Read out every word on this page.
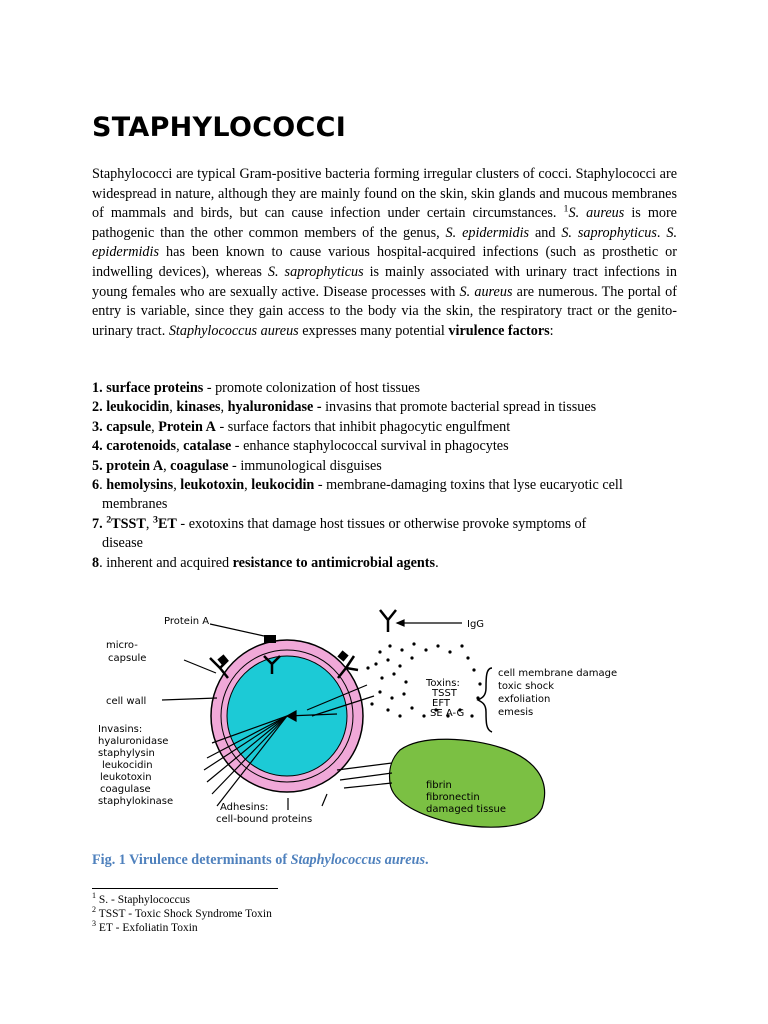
STAPHYLOCOCCI

Staphylococci are typical Gram-positive bacteria forming irregular clusters of cocci. Staphylococci are widespread in nature, although they are mainly found on the skin, skin glands and mucous membranes of mammals and birds, but can cause infection under certain circumstances. $^1$S. aureus is more pathogenic than the other common members of the genus, S. epidermidis and S. saprophyticus. S. epidermidis has been known to cause various hospital-acquired infections (such as prosthetic or indwelling devices), whereas S. saprophyticus is mainly associated with urinary tract infections in young females who are sexually active. Disease processes with S. aureus are numerous. The portal of entry is variable, since they gain access to the body via the skin, the respiratory tract or the genito-urinary tract. Staphylococcus aureus expresses many potential virulence factors:

1. surface proteins - promote colonization of host tissues
2. leukocidin, kinases, hyaluronidase - invasins that promote bacterial spread in tissues
3. capsule, Protein A - surface factors that inhibit phagocytic engulfment
4. carotenoids, catalase - enhance staphylococcal survival in phagocytes
5. protein A, coagulase - immunological disguises
6. hemolysins, leukotoxin, leukocidin - membrane-damaging toxins that lyse eucaryotic cell
membranes
7. $^2$TSST, $^3$ET - exotoxins that damage host tissues or otherwise provoke symptoms of
disease
8. inherent and acquired resistance to antimicrobial agents.
Protein A	IgG
micro-
capsule
cell wall
Invasins:
hyaluronidase
staphylysin
leukocidin
leukotoxin
coagulase
staphylokinase
Adhesins:
cell-bound proteins
Toxins:
TSST
EFT
SE A-G
cell membrane damage
toxic shock
exfoliation
emesis
fibrin
fibronectin
damaged tissue

Fig. 1 Virulence determinants of Staphylococcus aureus.

$^1$ S. - Staphylococcus
$^2$ TSST - Toxic Shock Syndrome Toxin
$^3$ ET - Exfoliatin Toxin
